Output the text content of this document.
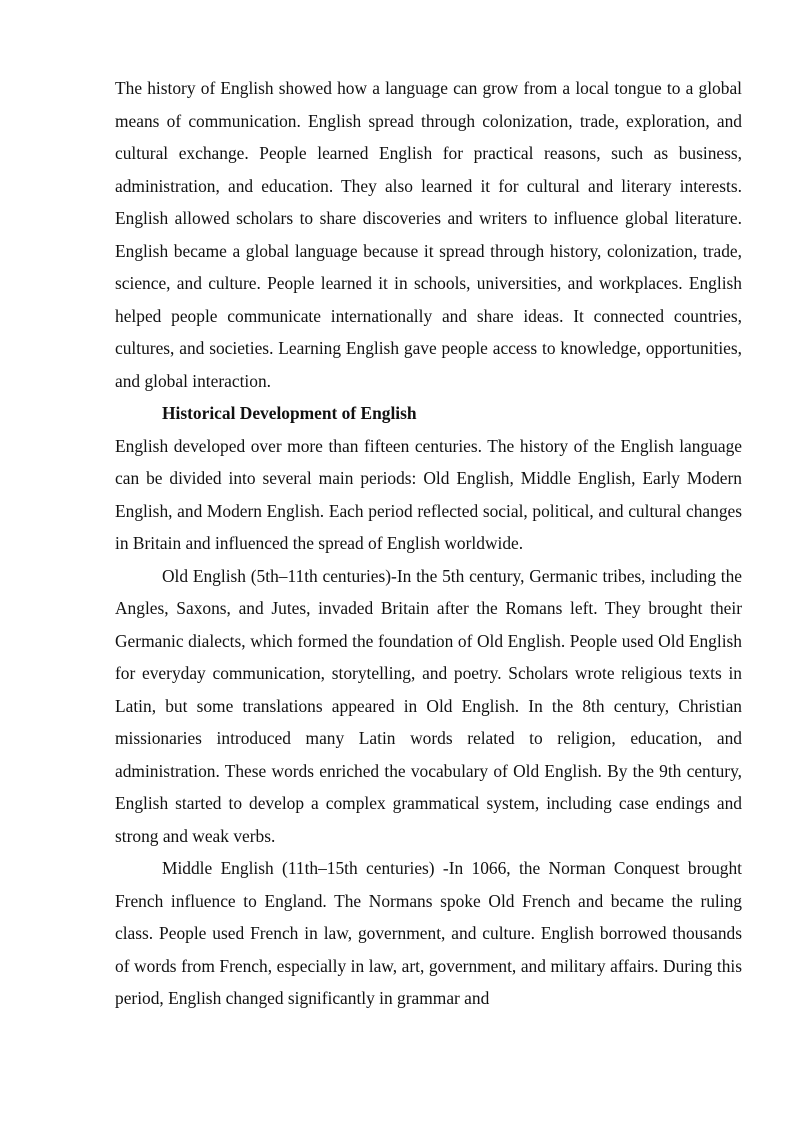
The history of English showed how a language can grow from a local tongue to a global means of communication. English spread through colonization, trade, exploration, and cultural exchange. People learned English for practical reasons, such as business, administration, and education. They also learned it for cultural and literary interests. English allowed scholars to share discoveries and writers to influence global literature. English became a global language because it spread through history, colonization, trade, science, and culture. People learned it in schools, universities, and workplaces. English helped people communicate internationally and share ideas. It connected countries, cultures, and societies. Learning English gave people access to knowledge, opportunities, and global interaction.

Historical Development of English

English developed over more than fifteen centuries. The history of the English language can be divided into several main periods: Old English, Middle English, Early Modern English, and Modern English. Each period reflected social, political, and cultural changes in Britain and influenced the spread of English worldwide.

Old English (5th–11th centuries)-In the 5th century, Germanic tribes, including the Angles, Saxons, and Jutes, invaded Britain after the Romans left. They brought their Germanic dialects, which formed the foundation of Old English. People used Old English for everyday communication, storytelling, and poetry. Scholars wrote religious texts in Latin, but some translations appeared in Old English. In the 8th century, Christian missionaries introduced many Latin words related to religion, education, and administration. These words enriched the vocabulary of Old English. By the 9th century, English started to develop a complex grammatical system, including case endings and strong and weak verbs.

Middle English (11th–15th centuries) -In 1066, the Norman Conquest brought French influence to England. The Normans spoke Old French and became the ruling class. People used French in law, government, and culture. English borrowed thousands of words from French, especially in law, art, government, and military affairs. During this period, English changed significantly in grammar and
